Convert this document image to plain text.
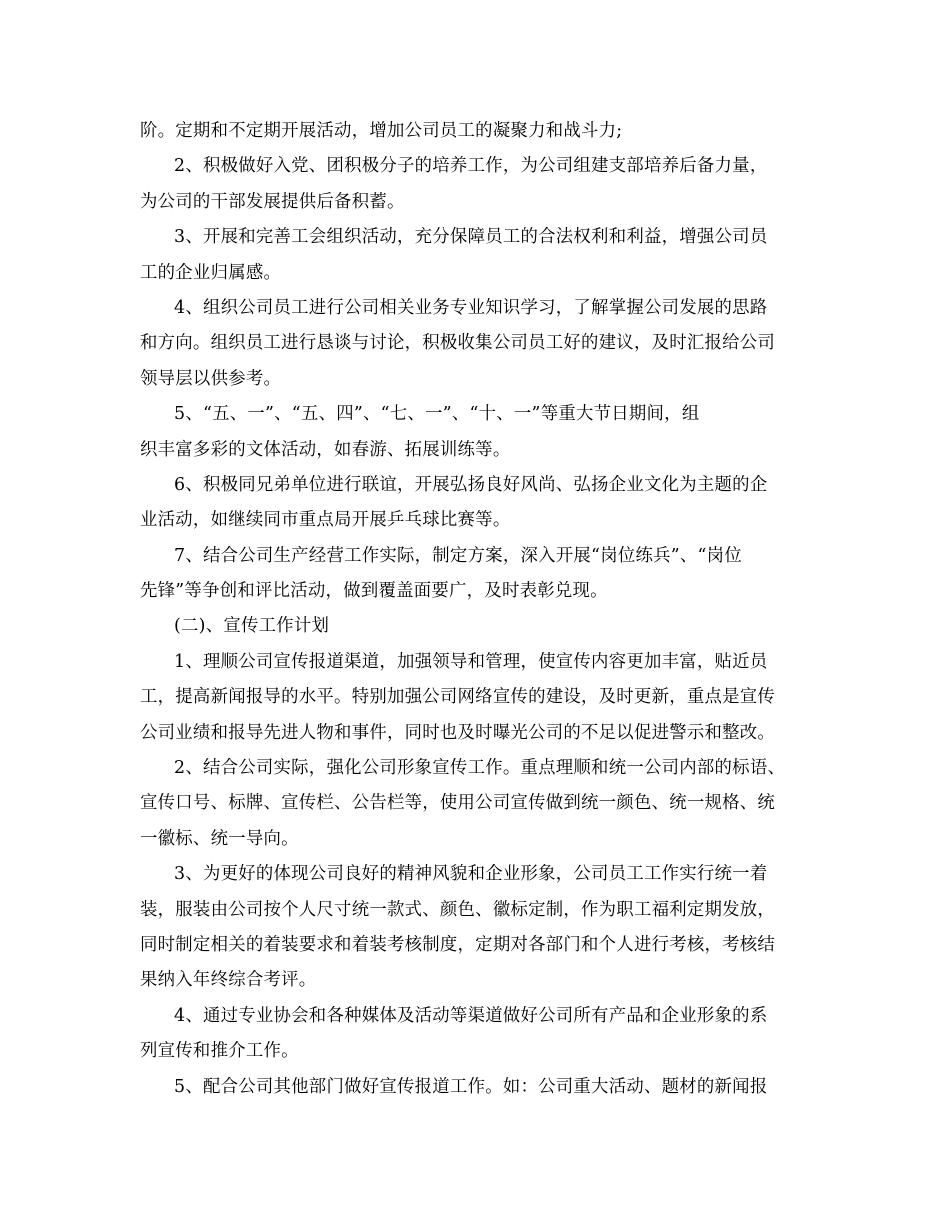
阶。定期和不定期开展活动，增加公司员工的凝聚力和战斗力;
2、积极做好入党、团积极分子的培养工作，为公司组建支部培养后备力量，
为公司的干部发展提供后备积蓄。
3、开展和完善工会组织活动，充分保障员工的合法权利和利益，增强公司员
工的企业归属感。
4、组织公司员工进行公司相关业务专业知识学习，了解掌握公司发展的思路
和方向。组织员工进行恳谈与讨论，积极收集公司员工好的建议，及时汇报给公司
领导层以供参考。
5、“五、一”、“五、四”、“七、一”、“十、一”等重大节日期间，组
织丰富多彩的文体活动，如春游、拓展训练等。
6、积极同兄弟单位进行联谊，开展弘扬良好风尚、弘扬企业文化为主题的企
业活动，如继续同市重点局开展乒乓球比赛等。
7、结合公司生产经营工作实际，制定方案，深入开展“岗位练兵”、“岗位
先锋”等争创和评比活动，做到覆盖面要广，及时表彰兑现。
(二)、宣传工作计划
1、理顺公司宣传报道渠道，加强领导和管理，使宣传内容更加丰富，贴近员
工，提高新闻报导的水平。特别加强公司网络宣传的建设，及时更新，重点是宣传
公司业绩和报导先进人物和事件，同时也及时曝光公司的不足以促进警示和整改。
2、结合公司实际，强化公司形象宣传工作。重点理顺和统一公司内部的标语、
宣传口号、标牌、宣传栏、公告栏等，使用公司宣传做到统一颜色、统一规格、统
一徽标、统一导向。
3、为更好的体现公司良好的精神风貌和企业形象，公司员工工作实行统一着
装，服装由公司按个人尺寸统一款式、颜色、徽标定制，作为职工福利定期发放，
同时制定相关的着装要求和着装考核制度，定期对各部门和个人进行考核，考核结
果纳入年终综合考评。
4、通过专业协会和各种媒体及活动等渠道做好公司所有产品和企业形象的系
列宣传和推介工作。
5、配合公司其他部门做好宣传报道工作。如：公司重大活动、题材的新闻报
